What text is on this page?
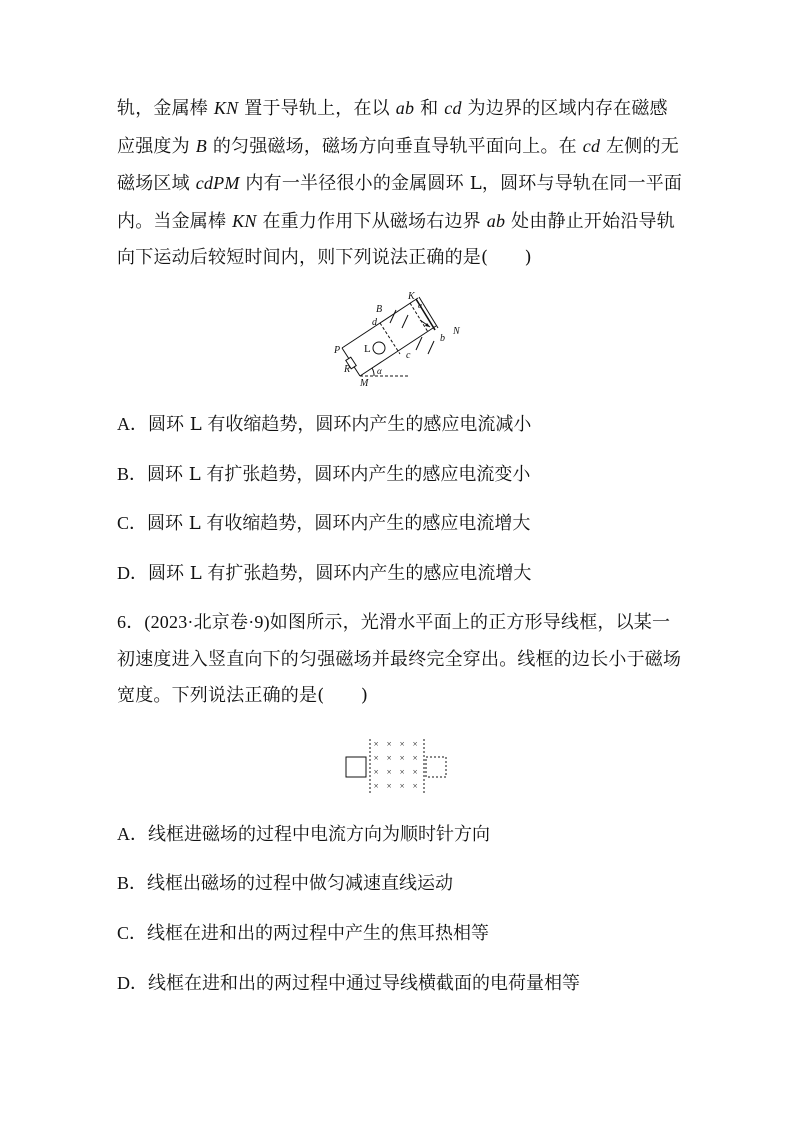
轨，金属棒 KN 置于导轨上，在以 ab 和 cd 为边界的区域内存在磁感应强度为 B 的匀强磁场，磁场方向垂直导轨平面向上。在 cd 左侧的无磁场区域 cdPM 内有一半径很小的金属圆环 L，圆环与导轨在同一平面内。当金属棒 KN 在重力作用下从磁场右边界 ab 处由静止开始沿导轨向下运动后较短时间内，则下列说法正确的是(　　)

B
K
a
d
N
b
P L
c
R
M
α

A．圆环 L 有收缩趋势，圆环内产生的感应电流减小

B．圆环 L 有扩张趋势，圆环内产生的感应电流变小

C．圆环 L 有收缩趋势，圆环内产生的感应电流增大

D．圆环 L 有扩张趋势，圆环内产生的感应电流增大

6．(2023·北京卷·9)如图所示，光滑水平面上的正方形导线框，以某一初速度进入竖直向下的匀强磁场并最终完全穿出。线框的边长小于磁场宽度。下列说法正确的是(　　)

× × × ×
× × × ×
× × × ×
× × × ×

A．线框进磁场的过程中电流方向为顺时针方向

B．线框出磁场的过程中做匀减速直线运动

C．线框在进和出的两过程中产生的焦耳热相等

D．线框在进和出的两过程中通过导线横截面的电荷量相等
